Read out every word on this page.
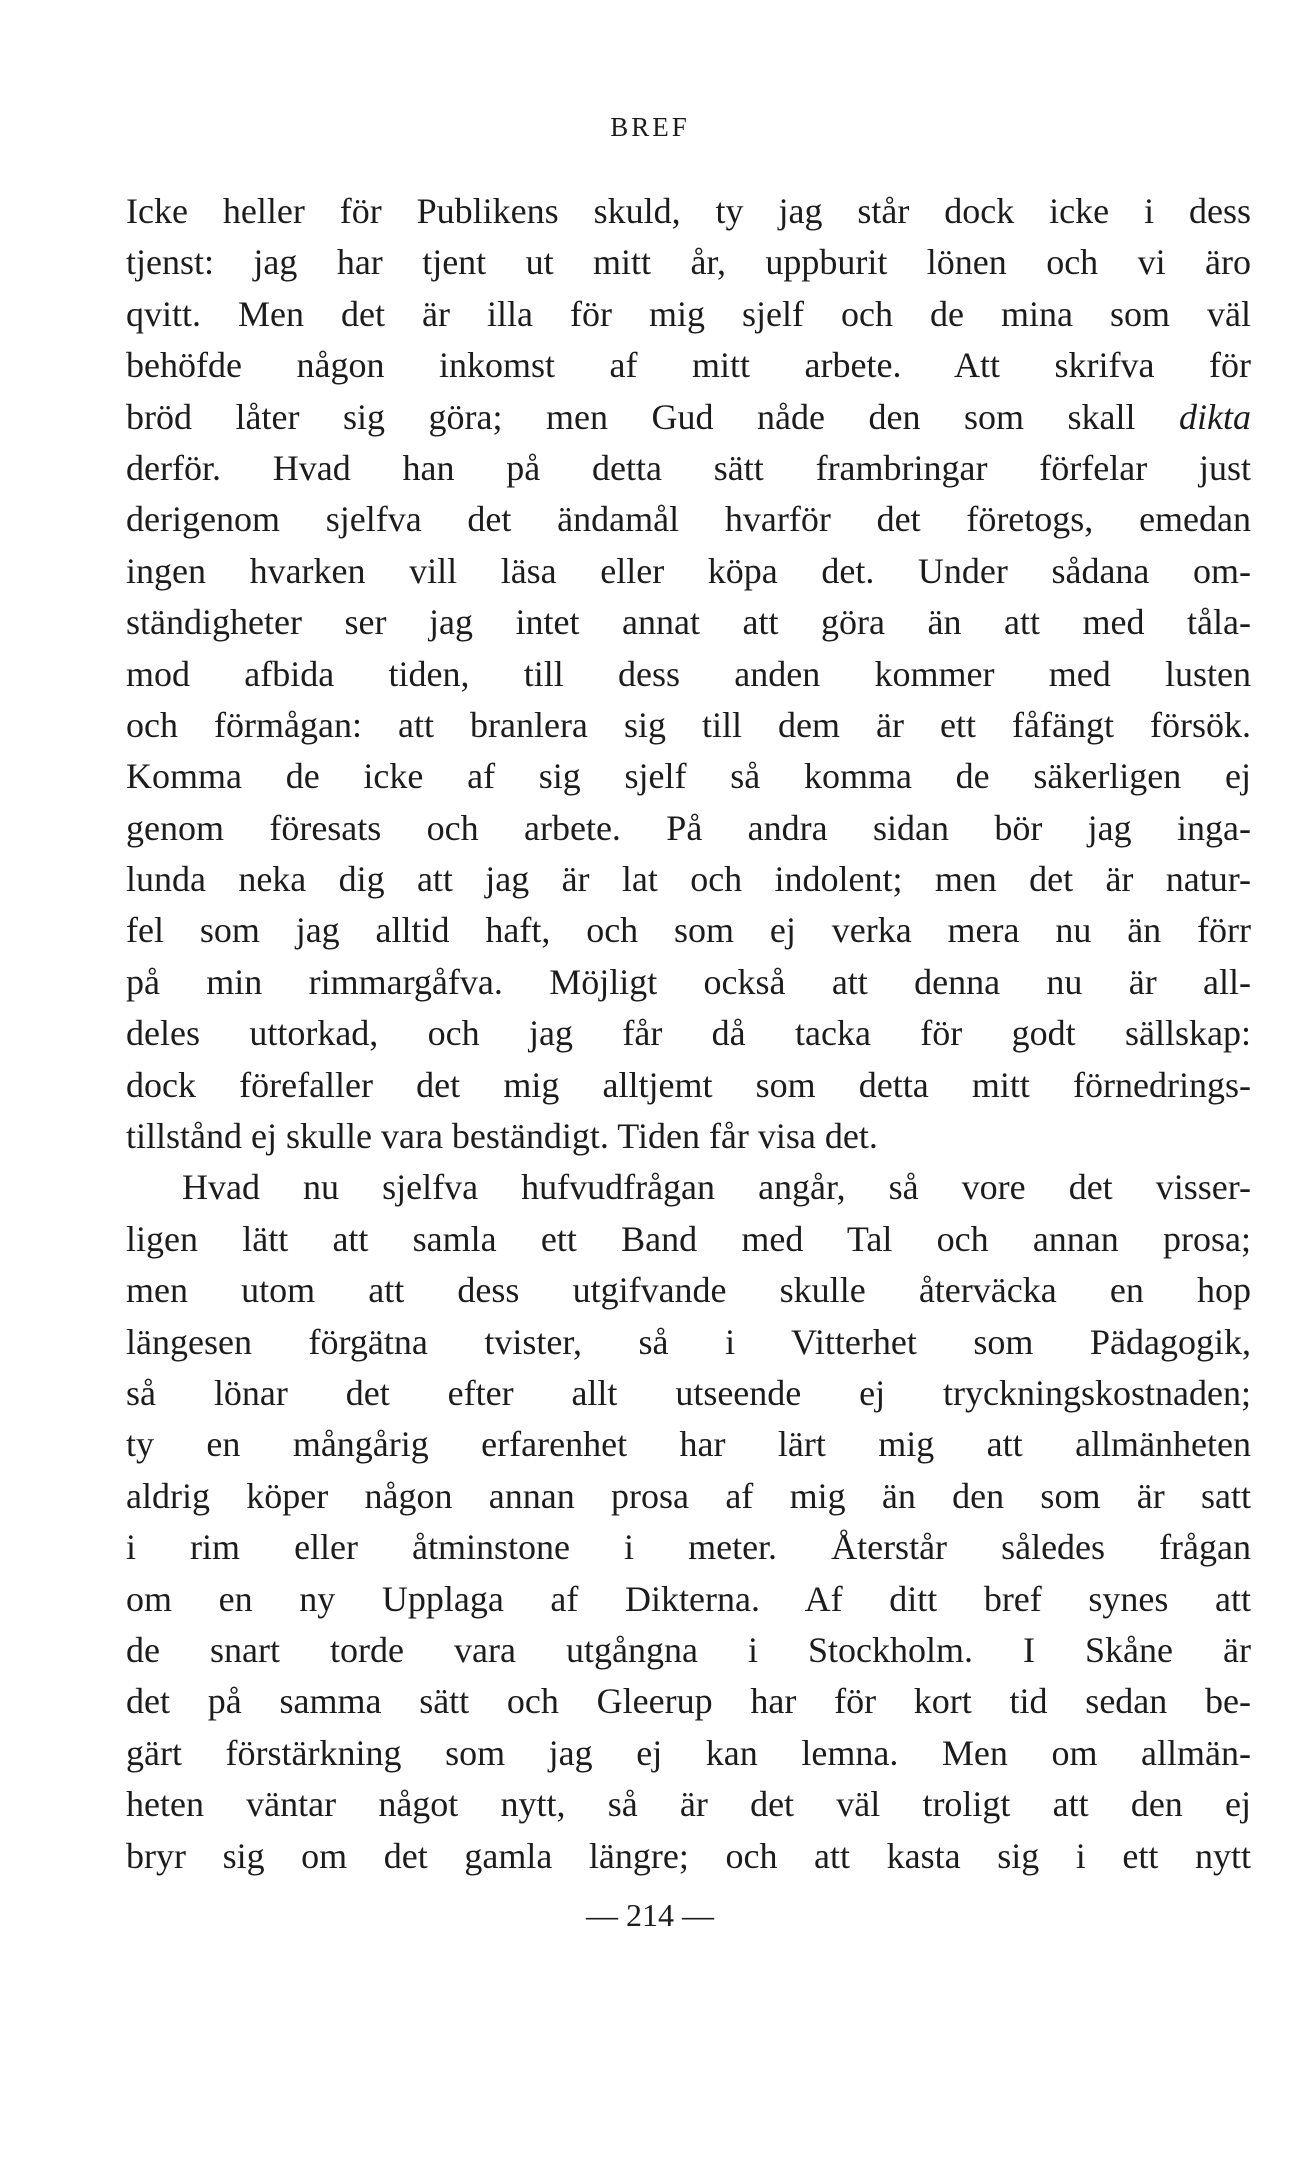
BREF
Icke heller för Publikens skuld, ty jag står dock icke i dess
tjenst: jag har tjent ut mitt år, uppburit lönen och vi äro
qvitt. Men det är illa för mig sjelf och de mina som väl
behöfde någon inkomst af mitt arbete. Att skrifva för
bröd låter sig göra; men Gud nåde den som skall dikta
derför. Hvad han på detta sätt frambringar förfelar just
derigenom sjelfva det ändamål hvarför det företogs, emedan
ingen hvarken vill läsa eller köpa det. Under sådana om-
ständigheter ser jag intet annat att göra än att med tåla-
mod afbida tiden, till dess anden kommer med lusten
och förmågan: att branlera sig till dem är ett fåfängt försök.
Komma de icke af sig sjelf så komma de säkerligen ej
genom föresats och arbete. På andra sidan bör jag inga-
lunda neka dig att jag är lat och indolent; men det är natur-
fel som jag alltid haft, och som ej verka mera nu än förr
på min rimmargåfva. Möjligt också att denna nu är all-
deles uttorkad, och jag får då tacka för godt sällskap:
dock förefaller det mig alltjemt som detta mitt förnedrings-
tillstånd ej skulle vara beständigt. Tiden får visa det.
Hvad nu sjelfva hufvudfrågan angår, så vore det visser-
ligen lätt att samla ett Band med Tal och annan prosa;
men utom att dess utgifvande skulle återväcka en hop
längesen förgätna tvister, så i Vitterhet som Pädagogik,
så lönar det efter allt utseende ej tryckningskostnaden;
ty en mångårig erfarenhet har lärt mig att allmänheten
aldrig köper någon annan prosa af mig än den som är satt
i rim eller åtminstone i meter. Återstår således frågan
om en ny Upplaga af Dikterna. Af ditt bref synes att
de snart torde vara utgångna i Stockholm. I Skåne är
det på samma sätt och Gleerup har för kort tid sedan be-
gärt förstärkning som jag ej kan lemna. Men om allmän-
heten väntar något nytt, så är det väl troligt att den ej
bryr sig om det gamla längre; och att kasta sig i ett nytt
— 214 —
